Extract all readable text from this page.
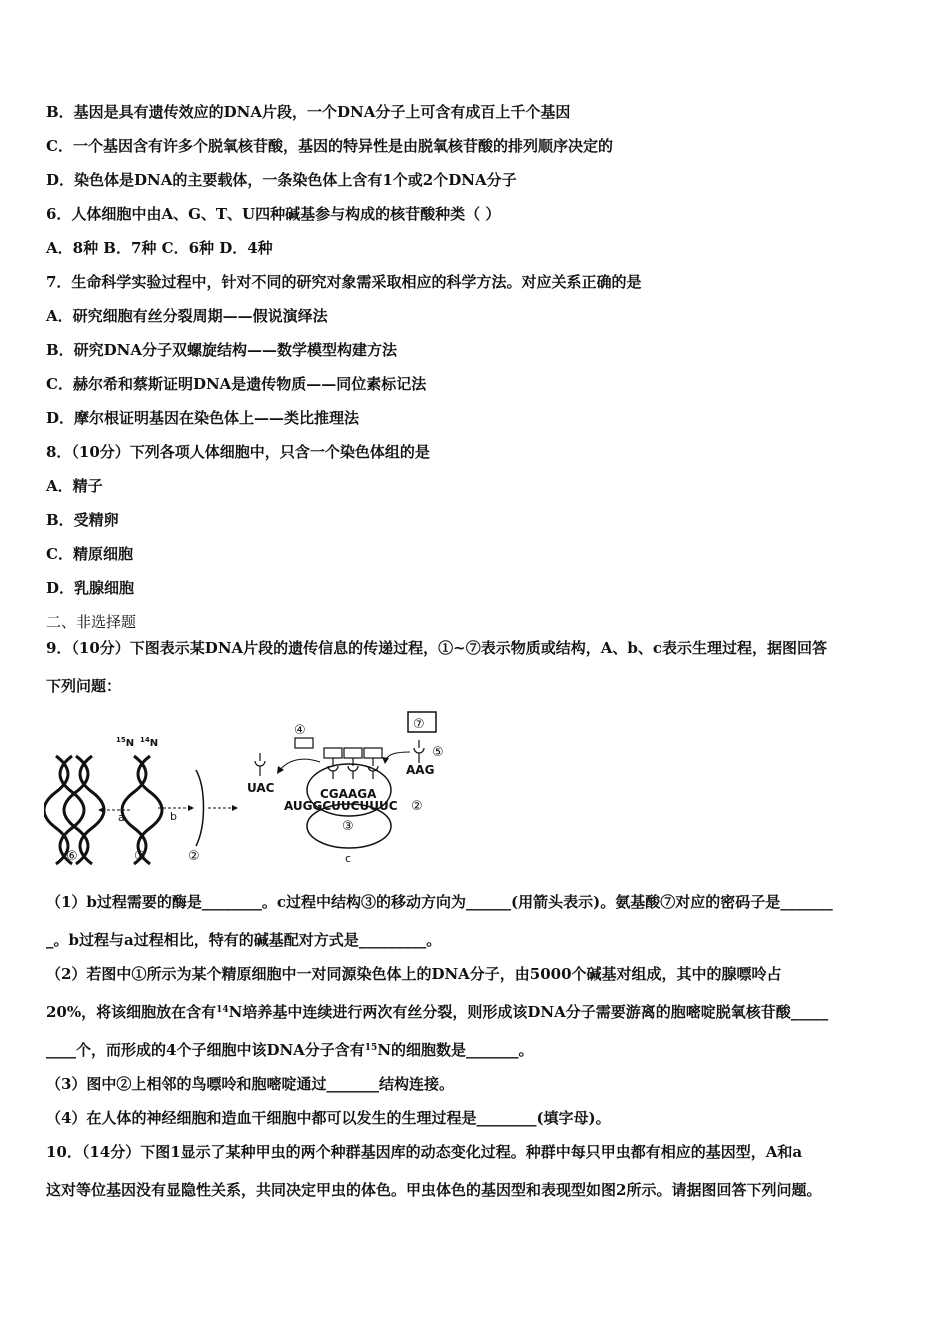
B．基因是具有遗传效应的DNA片段，一个DNA分子上可含有成百上千个基因
C．一个基因含有许多个脱氧核苷酸，基因的特异性是由脱氧核苷酸的排列顺序决定的
D．染色体是DNA的主要载体，一条染色体上含有1个或2个DNA分子
6．人体细胞中由A、G、T、U四种碱基参与构成的核苷酸种类（ ）
A．8种 B．7种 C．6种 D．4种
7．生命科学实验过程中，针对不同的研究对象需采取相应的科学方法。对应关系正确的是
A．研究细胞有丝分裂周期——假说演绎法
B．研究DNA分子双螺旋结构——数学模型构建方法
C．赫尔希和蔡斯证明DNA是遗传物质——同位素标记法
D．摩尔根证明基因在染色体上——类比推理法
8．（10分）下列各项人体细胞中，只含一个染色体组的是
A．精子
B．受精卵
C．精原细胞
D．乳腺细胞
二、非选择题
9．（10分）下图表示某DNA片段的遗传信息的传递过程，①~⑦表示物质或结构，A、b、c表示生理过程，据图回答
下列问题：
$^{15}$N $^{14}$N
a	b
⑥	①	②
④	⑦
⑤
AAG
UAC	CGAAGA
AUGGCUUCUUUC ②
③
c
（1）b过程需要的酶是________。c过程中结构③的移动方向为______(用箭头表示)。氨基酸⑦对应的密码子是_______
_。b过程与a过程相比，特有的碱基配对方式是_________。
（2）若图中①所示为某个精原细胞中一对同源染色体上的DNA分子，由5000个碱基对组成，其中的腺嘌呤占
20%，将该细胞放在含有$^{14}$N培养基中连续进行两次有丝分裂，则形成该DNA分子需要游离的胞嘧啶脱氧核苷酸_____
____个，而形成的4个子细胞中该DNA分子含有$^{15}$N的细胞数是_______。
（3）图中②上相邻的鸟嘌呤和胞嘧啶通过_______结构连接。
（4）在人体的神经细胞和造血干细胞中都可以发生的生理过程是________(填字母)。
10．（14分）下图1显示了某种甲虫的两个种群基因库的动态变化过程。种群中每只甲虫都有相应的基因型，A和a
这对等位基因没有显隐性关系，共同决定甲虫的体色。甲虫体色的基因型和表现型如图2所示。请据图回答下列问题。
